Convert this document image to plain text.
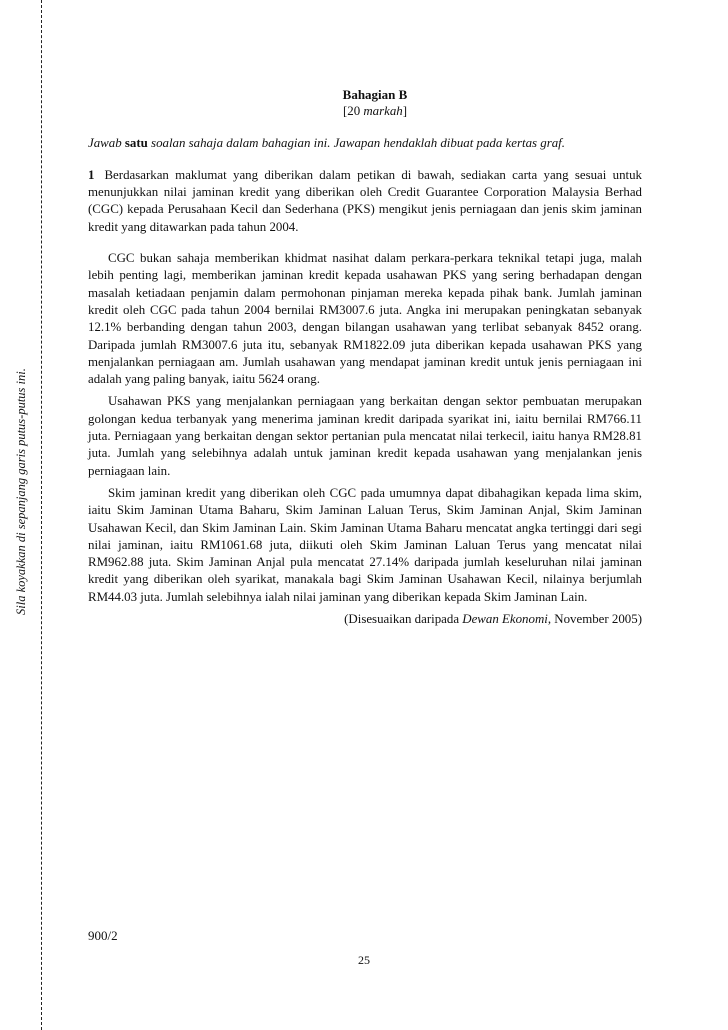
Sila koyakkan di sepanjang garis putus-putus ini.

Bahagian B

[20 markah]

Jawab satu soalan sahaja dalam bahagian ini. Jawapan hendaklah dibuat pada kertas graf.

1 Berdasarkan maklumat yang diberikan dalam petikan di bawah, sediakan carta yang sesuai untuk menunjukkan nilai jaminan kredit yang diberikan oleh Credit Guarantee Corporation Malaysia Berhad (CGC) kepada Perusahaan Kecil dan Sederhana (PKS) mengikut jenis perniagaan dan jenis skim jaminan kredit yang ditawarkan pada tahun 2004.

CGC bukan sahaja memberikan khidmat nasihat dalam perkara-perkara teknikal tetapi juga, malah lebih penting lagi, memberikan jaminan kredit kepada usahawan PKS yang sering berhadapan dengan masalah ketiadaan penjamin dalam permohonan pinjaman mereka kepada pihak bank. Jumlah jaminan kredit oleh CGC pada tahun 2004 bernilai RM3007.6 juta. Angka ini merupakan peningkatan sebanyak 12.1% berbanding dengan tahun 2003, dengan bilangan usahawan yang terlibat sebanyak 8452 orang. Daripada jumlah RM3007.6 juta itu, sebanyak RM1822.09 juta diberikan kepada usahawan PKS yang menjalankan perniagaan am. Jumlah usahawan yang mendapat jaminan kredit untuk jenis perniagaan ini adalah yang paling banyak, iaitu 5624 orang.

Usahawan PKS yang menjalankan perniagaan yang berkaitan dengan sektor pembuatan merupakan golongan kedua terbanyak yang menerima jaminan kredit daripada syarikat ini, iaitu bernilai RM766.11 juta. Perniagaan yang berkaitan dengan sektor pertanian pula mencatat nilai terkecil, iaitu hanya RM28.81 juta. Jumlah yang selebihnya adalah untuk jaminan kredit kepada usahawan yang menjalankan jenis perniagaan lain.

Skim jaminan kredit yang diberikan oleh CGC pada umumnya dapat dibahagikan kepada lima skim, iaitu Skim Jaminan Utama Baharu, Skim Jaminan Laluan Terus, Skim Jaminan Anjal, Skim Jaminan Usahawan Kecil, dan Skim Jaminan Lain. Skim Jaminan Utama Baharu mencatat angka tertinggi dari segi nilai jaminan, iaitu RM1061.68 juta, diikuti oleh Skim Jaminan Laluan Terus yang mencatat nilai RM962.88 juta. Skim Jaminan Anjal pula mencatat 27.14% daripada jumlah keseluruhan nilai jaminan kredit yang diberikan oleh syarikat, manakala bagi Skim Jaminan Usahawan Kecil, nilainya berjumlah RM44.03 juta. Jumlah selebihnya ialah nilai jaminan yang diberikan kepada Skim Jaminan Lain.

(Disesuaikan daripada Dewan Ekonomi, November 2005)

900/2
25
